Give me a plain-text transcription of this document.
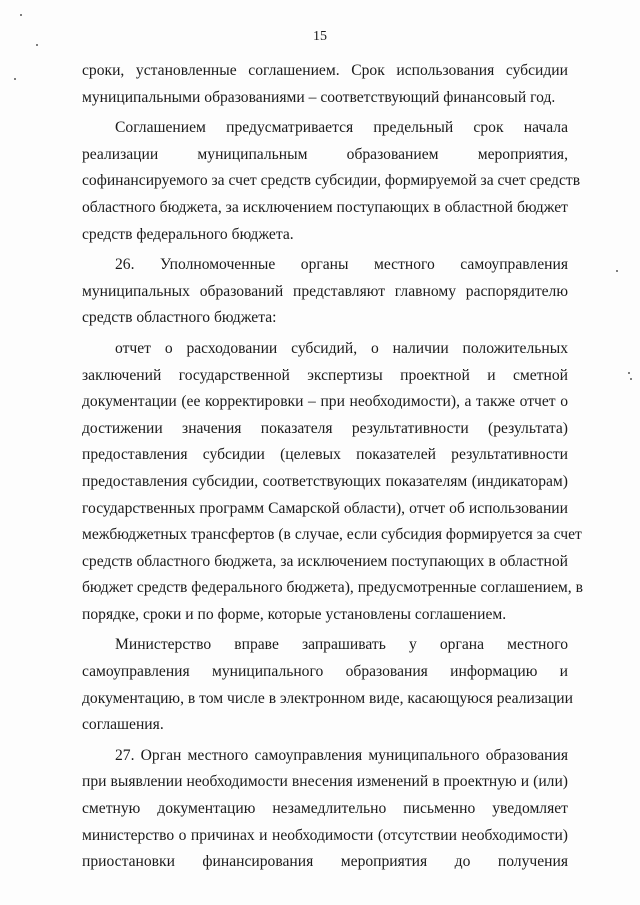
15
сроки, установленные соглашением. Срок использования субсидии
муниципальными образованиями – соответствующий финансовый год.
Соглашением предусматривается предельный срок начала
реализации муниципальным образованием мероприятия,
софинансируемого за счет средств субсидии, формируемой за счет средств
областного бюджета, за исключением поступающих в областной бюджет
средств федерального бюджета.
26. Уполномоченные органы местного самоуправления
муниципальных образований представляют главному распорядителю
средств областного бюджета:
отчет о расходовании субсидий, о наличии положительных
заключений государственной экспертизы проектной и сметной
документации (ее корректировки – при необходимости), а также отчет о
достижении значения показателя результативности (результата)
предоставления субсидии (целевых показателей результативности
предоставления субсидии, соответствующих показателям (индикаторам)
государственных программ Самарской области), отчет об использовании
межбюджетных трансфертов (в случае, если субсидия формируется за счет
средств областного бюджета, за исключением поступающих в областной
бюджет средств федерального бюджета), предусмотренные соглашением, в
порядке, сроки и по форме, которые установлены соглашением.
Министерство вправе запрашивать у органа местного
самоуправления муниципального образования информацию и
документацию, в том числе в электронном виде, касающуюся реализации
соглашения.
27. Орган местного самоуправления муниципального образования
при выявлении необходимости внесения изменений в проектную и (или)
сметную документацию незамедлительно письменно уведомляет
министерство о причинах и необходимости (отсутствии необходимости)
приостановки финансирования мероприятия до получения
